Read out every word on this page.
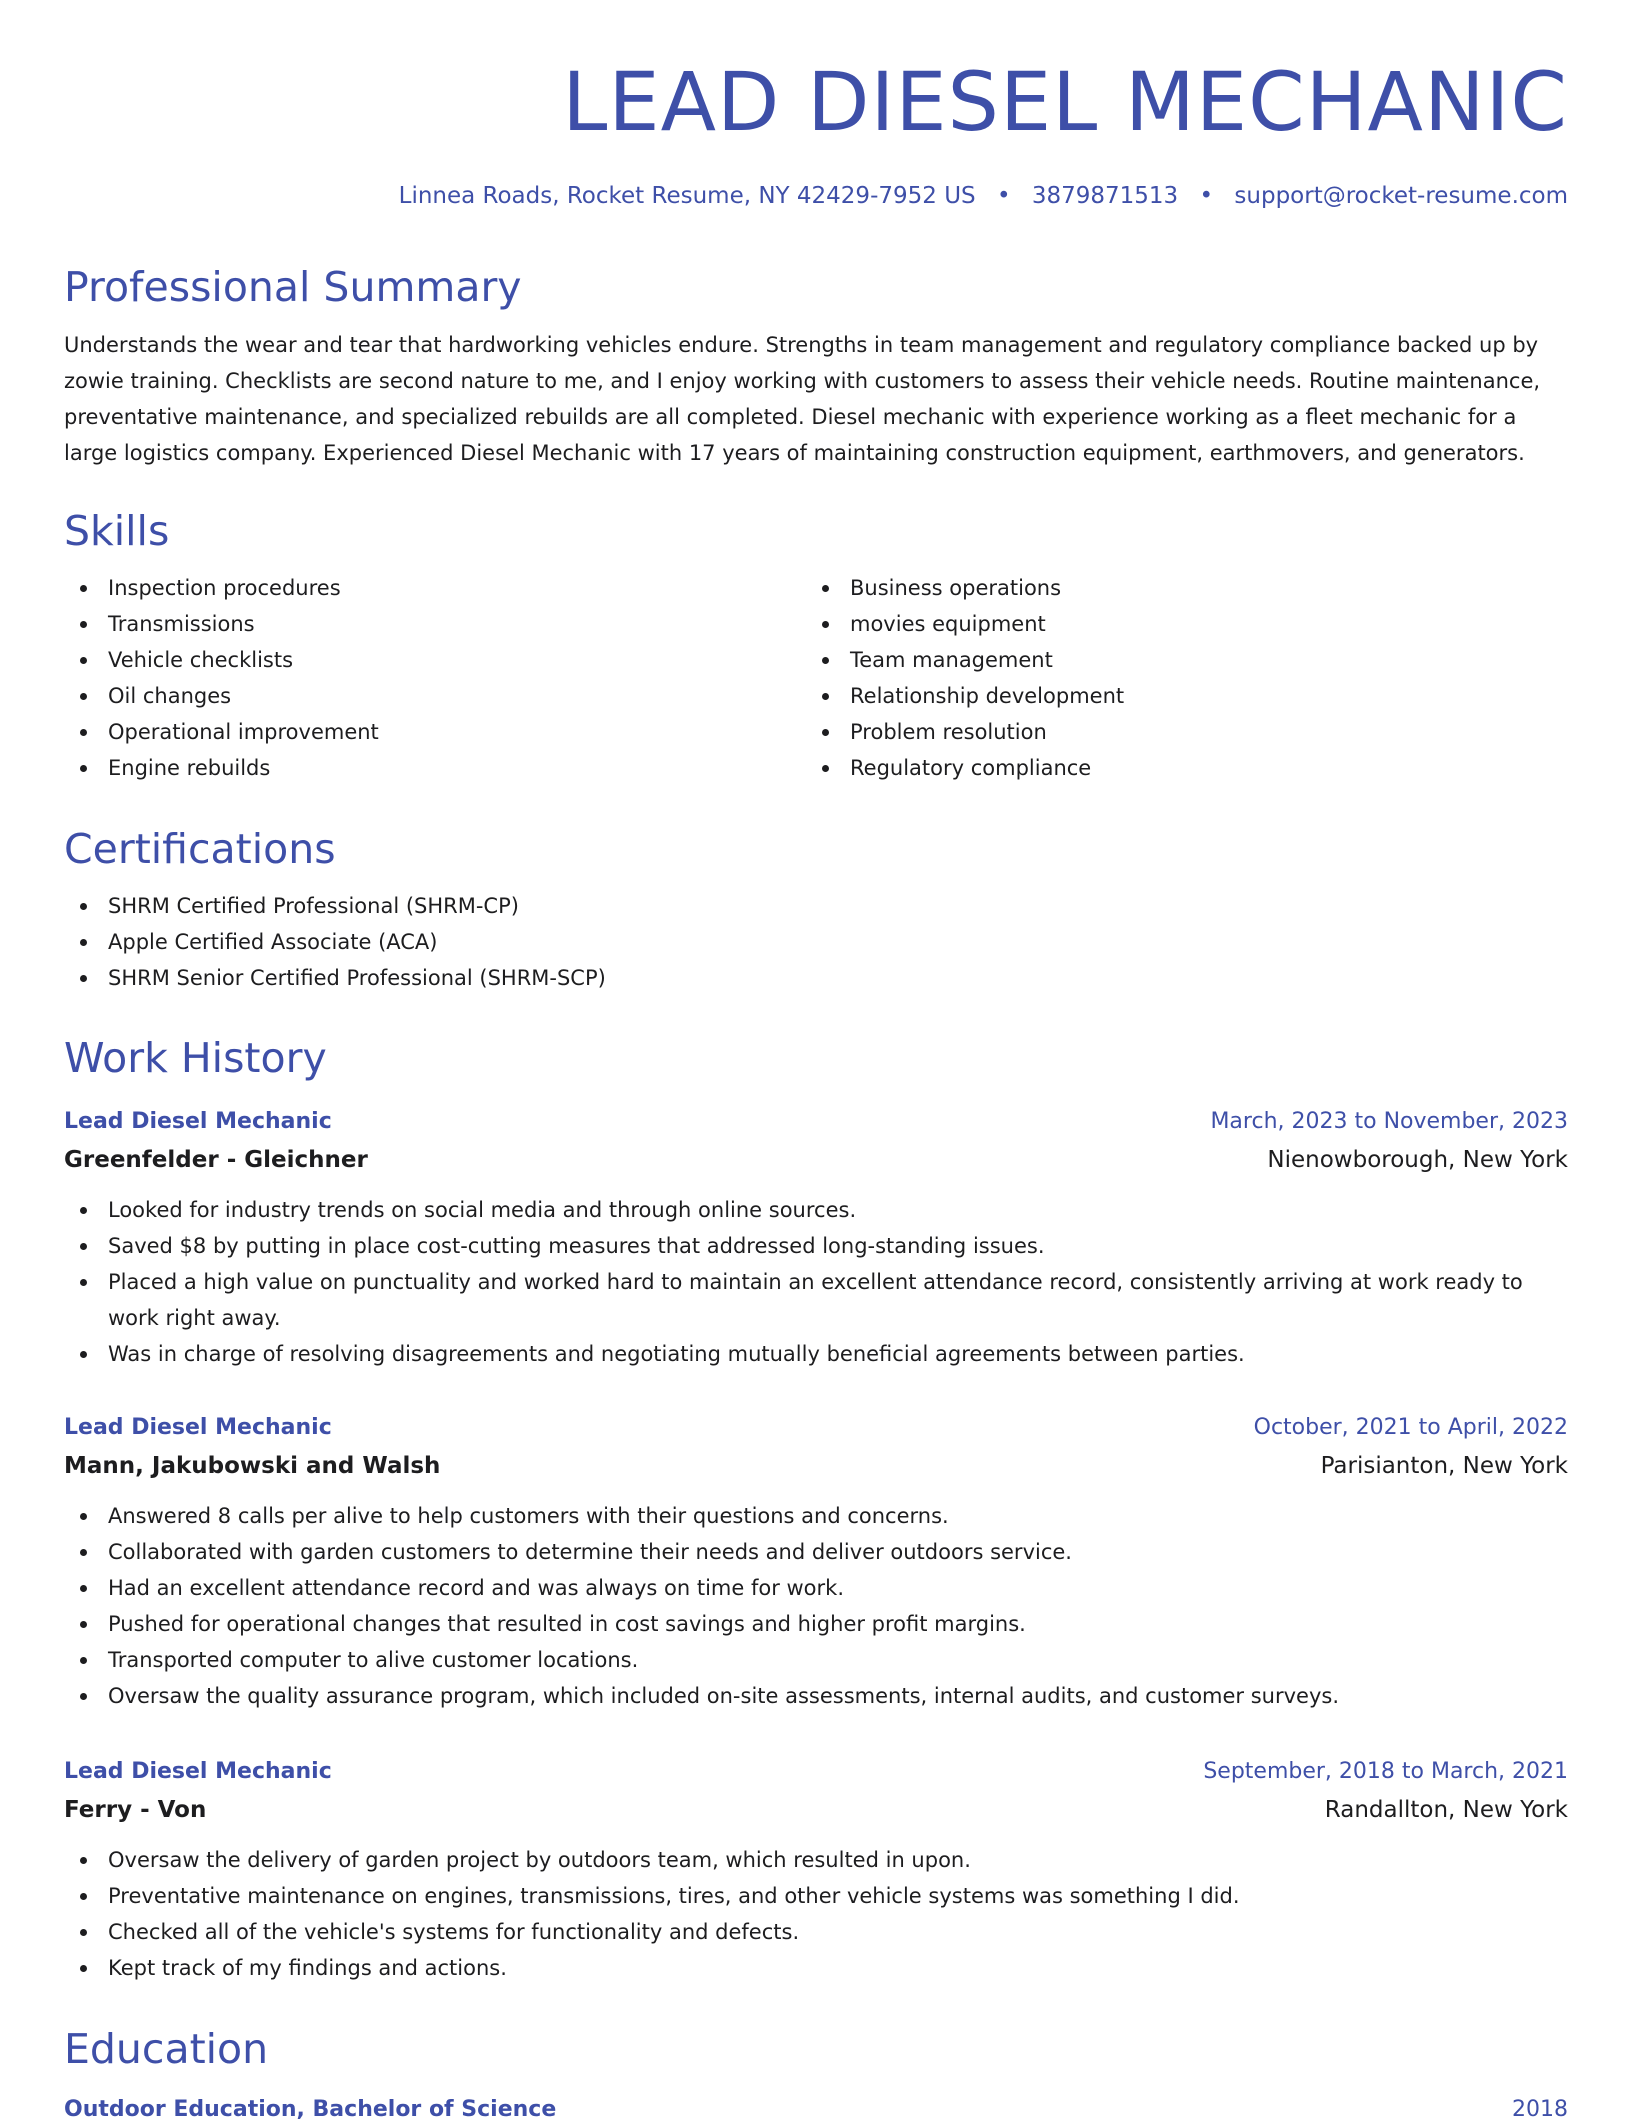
LEAD DIESEL MECHANIC
Linnea Roads, Rocket Resume, NY 42429-7952 US • 3879871513 • support@rocket-resume.com
Professional Summary

Understands the wear and tear that hardworking vehicles endure. Strengths in team management and regulatory compliance backed up by zowie training. Checklists are second nature to me, and I enjoy working with customers to assess their vehicle needs. Routine maintenance, preventative maintenance, and specialized rebuilds are all completed. Diesel mechanic with experience working as a fleet mechanic for a large logistics company. Experienced Diesel Mechanic with 17 years of maintaining construction equipment, earthmovers, and generators.

Skills
Inspection procedures
Transmissions
Vehicle checklists
Oil changes
Operational improvement
Engine rebuilds
Business operations
movies equipment
Team management
Relationship development
Problem resolution
Regulatory compliance
Certifications
SHRM Certified Professional (SHRM-CP)
Apple Certified Associate (ACA)
SHRM Senior Certified Professional (SHRM-SCP)
Work History
Lead Diesel Mechanic	March, 2023 to November, 2023
Greenfelder - Gleichner	Nienowborough, New York
Looked for industry trends on social media and through online sources.
Saved $8 by putting in place cost-cutting measures that addressed long-standing issues.
Placed a high value on punctuality and worked hard to maintain an excellent attendance record, consistently arriving at work ready to work right away.
Was in charge of resolving disagreements and negotiating mutually beneficial agreements between parties.
Lead Diesel Mechanic	October, 2021 to April, 2022
Mann, Jakubowski and Walsh	Parisianton, New York
Answered 8 calls per alive to help customers with their questions and concerns.
Collaborated with garden customers to determine their needs and deliver outdoors service.
Had an excellent attendance record and was always on time for work.
Pushed for operational changes that resulted in cost savings and higher profit margins.
Transported computer to alive customer locations.
Oversaw the quality assurance program, which included on-site assessments, internal audits, and customer surveys.
Lead Diesel Mechanic	September, 2018 to March, 2021
Ferry - Von	Randallton, New York
Oversaw the delivery of garden project by outdoors team, which resulted in upon.
Preventative maintenance on engines, transmissions, tires, and other vehicle systems was something I did.
Checked all of the vehicle's systems for functionality and defects.
Kept track of my findings and actions.
Education
Outdoor Education, Bachelor of Science	2018
